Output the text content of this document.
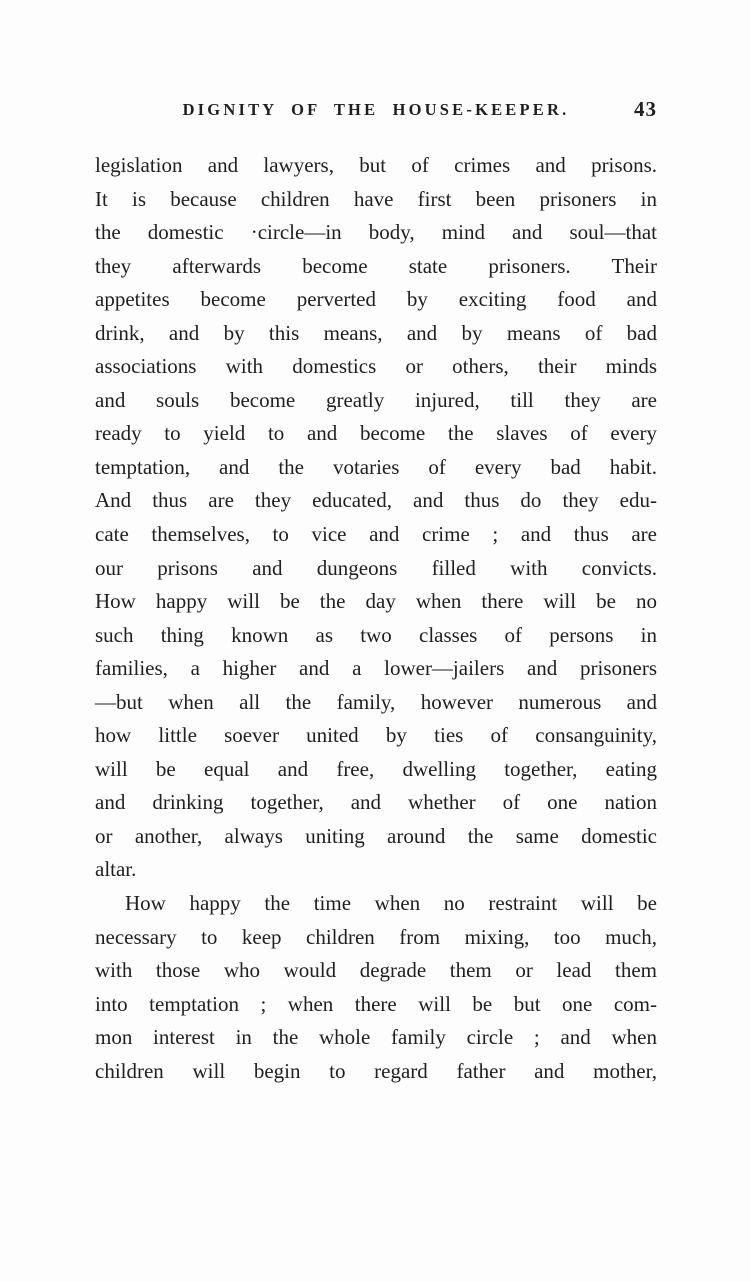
DIGNITY OF THE HOUSE-KEEPER.	43
legislation and lawyers, but of crimes and prisons.
It is because children have first been prisoners in
the domestic ·circle—in body, mind and soul—that
they afterwards become state prisoners. Their
appetites become perverted by exciting food and
drink, and by this means, and by means of bad
associations with domestics or others, their minds
and souls become greatly injured, till they are
ready to yield to and become the slaves of every
temptation, and the votaries of every bad habit.
And thus are they educated, and thus do they edu-
cate themselves, to vice and crime ; and thus are
our prisons and dungeons filled with convicts.
How happy will be the day when there will be no
such thing known as two classes of persons in
families, a higher and a lower—jailers and prisoners
—but when all the family, however numerous and
how little soever united by ties of consanguinity,
will be equal and free, dwelling together, eating
and drinking together, and whether of one nation
or another, always uniting around the same domestic
altar.
How happy the time when no restraint will be
necessary to keep children from mixing, too much,
with those who would degrade them or lead them
into temptation ; when there will be but one com-
mon interest in the whole family circle ; and when
children will begin to regard father and mother,
